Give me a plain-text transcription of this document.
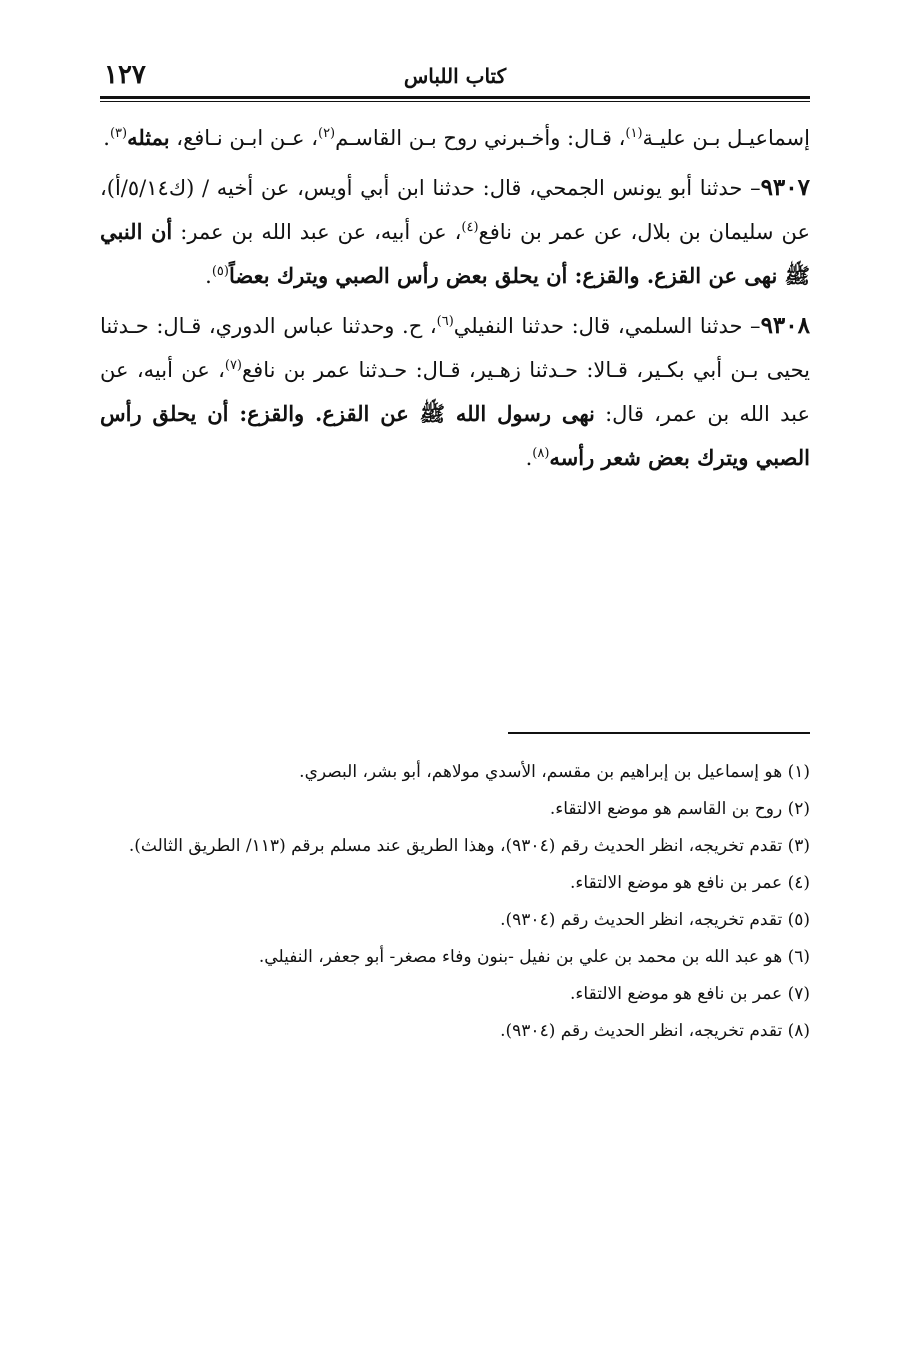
كتاب اللباس
١٢٧

إسماعيـل بـن عليـة$^{(١)}$، قـال: وأخـبرني روح بـن القاسـم$^{(٢)}$، عـن ابـن نـافع، بمثله$^{(٣)}$.

٩٣٠٧– حدثنا أبو يونس الجمحي، قال: حدثنا ابن أبي أويس، عن أخيه / (ك٥/١٤/أ)، عن سليمان بن بلال، عن عمر بن نافع$^{(٤)}$، عن أبيه، عن عبد الله بن عمر: أن النبي ﷺ نهى عن القزع. والقزع: أن يحلق بعض رأس الصبي ويترك بعضاً$^{(٥)}$.

٩٣٠٨– حدثنا السلمي، قال: حدثنا النفيلي$^{(٦)}$، ح. وحدثنا عباس الدوري، قـال: حـدثنا يحيى بـن أبي بكـير، قـالا: حـدثنا زهـير، قـال: حـدثنا عمر بن نافع$^{(٧)}$، عن أبيه، عن عبد الله بن عمر، قال: نهى رسول الله ﷺ عن القزع. والقزع: أن يحلق رأس الصبي ويترك بعض شعر رأسه$^{(٨)}$.

(١) هو إسماعيل بن إبراهيم بن مقسم، الأسدي مولاهم، أبو بشر، البصري.

(٢) روح بن القاسم هو موضع الالتقاء.

(٣) تقدم تخريجه، انظر الحديث رقم (٩٣٠٤)، وهذا الطريق عند مسلم برقم (١١٣/ الطريق الثالث).

(٤) عمر بن نافع هو موضع الالتقاء.

(٥) تقدم تخريجه، انظر الحديث رقم (٩٣٠٤).

(٦) هو عبد الله بن محمد بن علي بن نفيل -بنون وفاء مصغر- أبو جعفر، النفيلي.

(٧) عمر بن نافع هو موضع الالتقاء.

(٨) تقدم تخريجه، انظر الحديث رقم (٩٣٠٤).
